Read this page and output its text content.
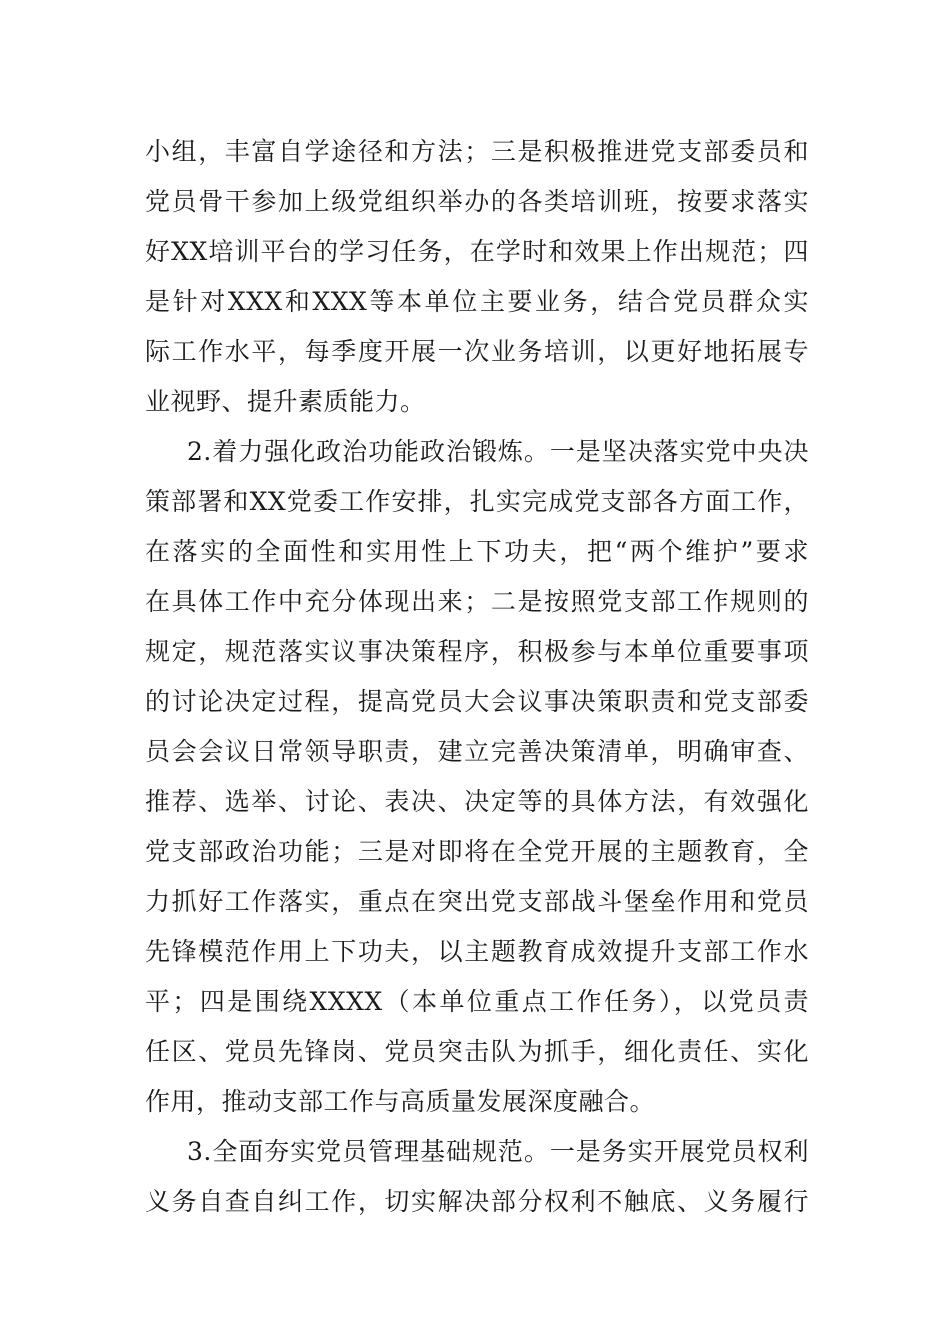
小组，丰富自学途径和方法；三是积极推进党支部委员和
党员骨干参加上级党组织举办的各类培训班，按要求落实
好XX培训平台的学习任务，在学时和效果上作出规范；四
是针对XXX和XXX等本单位主要业务，结合党员群众实
际工作水平，每季度开展一次业务培训，以更好地拓展专
业视野、提升素质能力。
2.着力强化政治功能政治锻炼。一是坚决落实党中央决
策部署和XX党委工作安排，扎实完成党支部各方面工作，
在落实的全面性和实用性上下功夫，把“两个维护”要求
在具体工作中充分体现出来；二是按照党支部工作规则的
规定，规范落实议事决策程序，积极参与本单位重要事项
的讨论决定过程，提高党员大会议事决策职责和党支部委
员会会议日常领导职责，建立完善决策清单，明确审查、
推荐、选举、讨论、表决、决定等的具体方法，有效强化
党支部政治功能；三是对即将在全党开展的主题教育，全
力抓好工作落实，重点在突出党支部战斗堡垒作用和党员
先锋模范作用上下功夫，以主题教育成效提升支部工作水
平；四是围绕XXXX（本单位重点工作任务），以党员责
任区、党员先锋岗、党员突击队为抓手，细化责任、实化
作用，推动支部工作与高质量发展深度融合。
3.全面夯实党员管理基础规范。一是务实开展党员权利
义务自查自纠工作，切实解决部分权利不触底、义务履行
